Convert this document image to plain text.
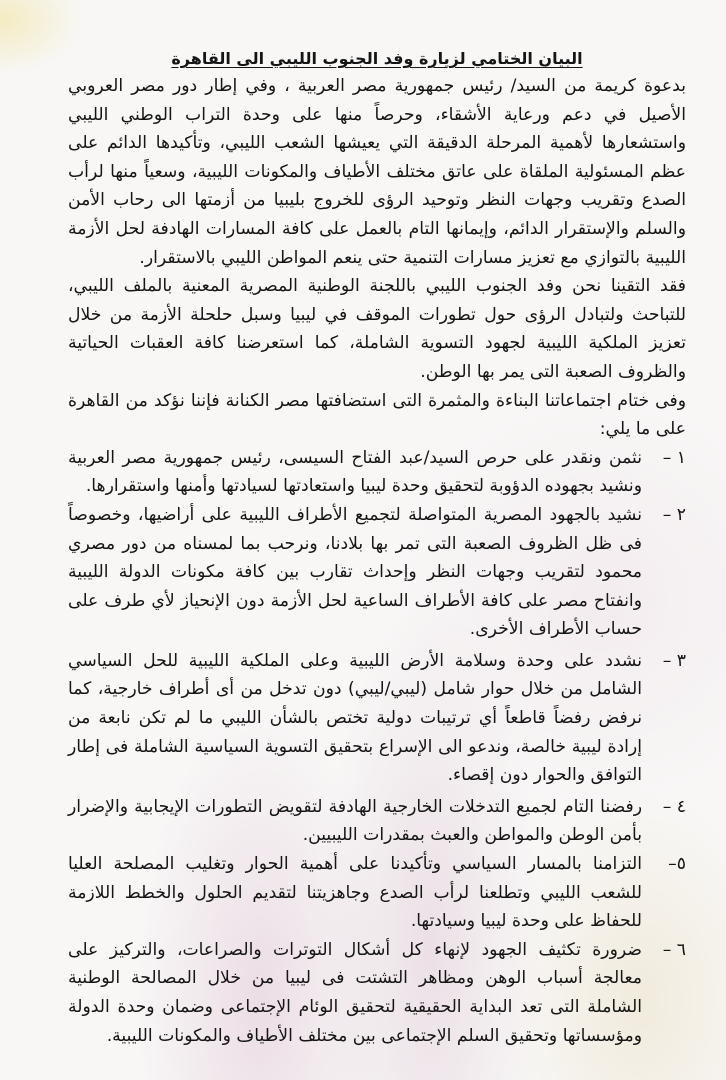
البيان الختامي لزيارة وفد الجنوب الليبي الى القاهرة

بدعوة كريمة من السيد/ رئيس جمهورية مصر العربية ، وفي إطار دور مصر العروبي الأصيل في دعم ورعاية الأشقاء، وحرصاً منها على وحدة التراب الوطني الليبي واستشعارها لأهمية المرحلة الدقيقة التي يعيشها الشعب الليبي، وتأكيدها الدائم على عظم المسئولية الملقاة على عاتق مختلف الأطياف والمكونات الليبية، وسعياً منها لرأب الصدع وتقريب وجهات النظر وتوحيد الرؤى للخروج بليبيا من أزمتها الى رحاب الأمن والسلم والإستقرار الدائم، وإيمانها التام بالعمل على كافة المسارات الهادفة لحل الأزمة الليبية بالتوازي مع تعزيز مسارات التنمية حتى ينعم المواطن الليبي بالاستقرار.

فقد التقينا نحن وفد الجنوب الليبي باللجنة الوطنية المصرية المعنية بالملف الليبي، للتباحث ولتبادل الرؤى حول تطورات الموقف في ليبيا وسبل حلحلة الأزمة من خلال تعزيز الملكية الليبية لجهود التسوية الشاملة، كما استعرضنا كافة العقبات الحياتية والظروف الصعبة التى يمر بها الوطن.

وفى ختام اجتماعاتنا البناءة والمثمرة التى استضافتها مصر الكنانة فإننا نؤكد من القاهرة على ما يلي:

١ –
نثمن ونقدر على حرص السيد/عبد الفتاح السيسى، رئيس جمهورية مصر العربية ونشيد بجهوده الدؤوبة لتحقيق وحدة ليبيا واستعادتها لسيادتها وأمنها واستقرارها.
٢ –
نشيد بالجهود المصرية المتواصلة لتجميع الأطراف الليبية على أراضيها، وخصوصاً فى ظل الظروف الصعبة التى تمر بها بلادنا، ونرحب بما لمسناه من دور مصري محمود لتقريب وجهات النظر وإحداث تقارب بين كافة مكونات الدولة الليبية وانفتاح مصر على كافة الأطراف الساعية لحل الأزمة دون الإنحياز لأي طرف على حساب الأطراف الأخرى.
٣ –
نشدد على وحدة وسلامة الأرض الليبية وعلى الملكية الليبية للحل السياسي الشامل من خلال حوار شامل (ليبي/ليبي) دون تدخل من أى أطراف خارجية، كما نرفض رفضاً قاطعاً أي ترتيبات دولية تختص بالشأن الليبي ما لم تكن نابعة من إرادة ليبية خالصة، وندعو الى الإسراع بتحقيق التسوية السياسية الشاملة فى إطار التوافق والحوار دون إقصاء.
٤ –
رفضنا التام لجميع التدخلات الخارجية الهادفة لتقويض التطورات الإيجابية والإضرار بأمن الوطن والمواطن والعبث بمقدرات الليبيين.
٥–
التزامنا بالمسار السياسي وتأكيدنا على أهمية الحوار وتغليب المصلحة العليا للشعب الليبي وتطلعنا لرأب الصدع وجاهزيتنا لتقديم الحلول والخطط اللازمة للحفاظ على وحدة ليبيا وسيادتها.
٦ –
ضرورة تكثيف الجهود لإنهاء كل أشكال التوترات والصراعات، والتركيز على معالجة أسباب الوهن ومظاهر التشتت فى ليبيا من خلال المصالحة الوطنية الشاملة التى تعد البداية الحقيقية لتحقيق الوئام الإجتماعى وضمان وحدة الدولة ومؤسساتها وتحقيق السلم الإجتماعى بين مختلف الأطياف والمكونات الليبية.
